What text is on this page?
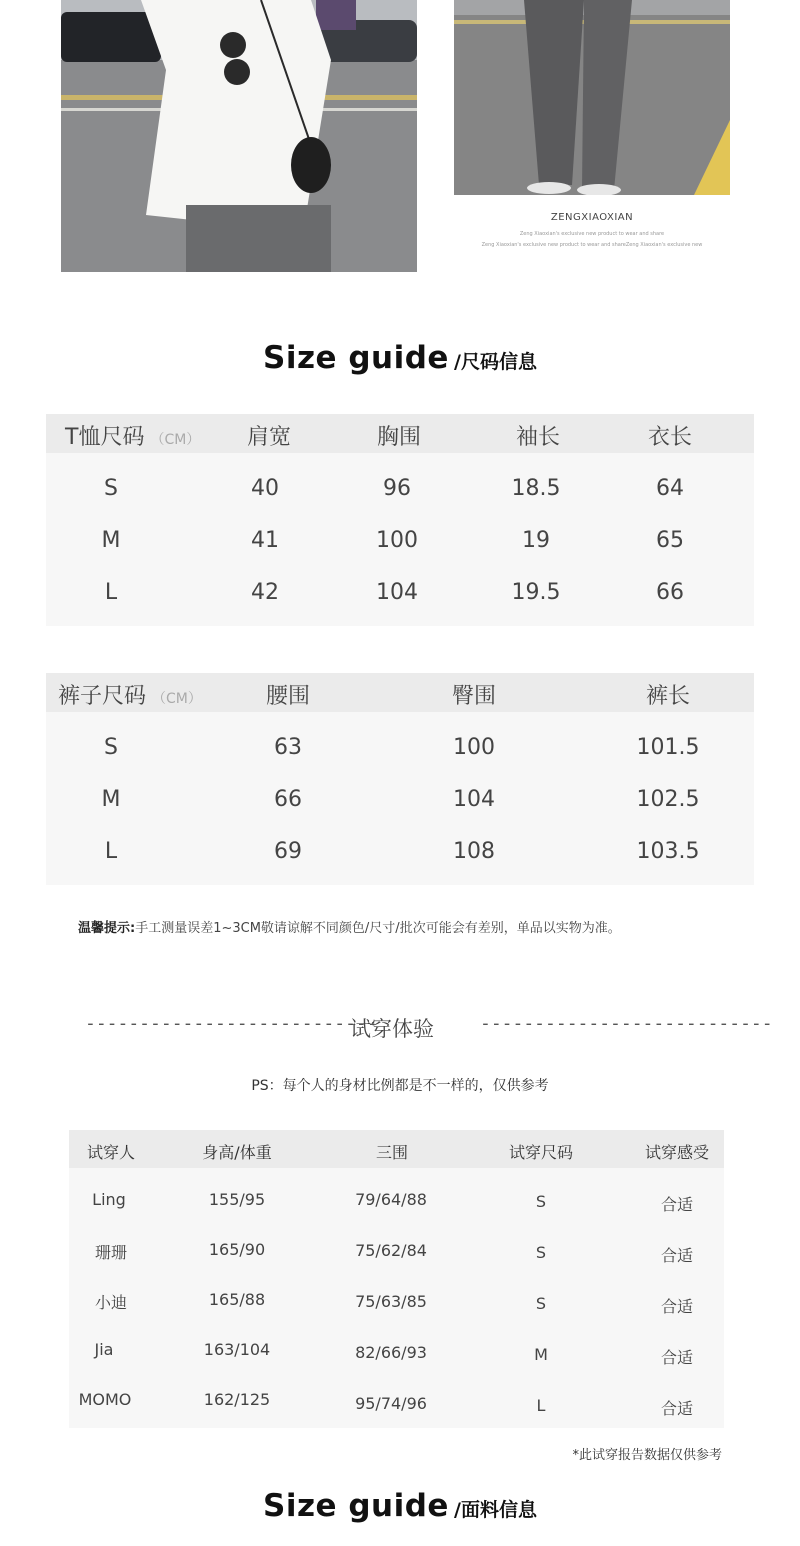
ZENGXIAOXIAN
Zeng Xiaoxian's exclusive new product to wear and share
Zeng Xiaoxian's exclusive new product to wear and shareZeng Xiaoxian's exclusive new
Size guide /尺码信息
T恤尺码 （CM） 肩宽	胸围	袖长	衣长
S	40	96	18.5	64
M	41	100	19	65
L	42	104	19.5	66
裤子尺码 （CM）	腰围	臀围	裤长
S	63	100	101.5
M	66	104	102.5
L	69	108	103.5
温馨提示:手工测量误差1~3CM敬请谅解不同颜色/尺寸/批次可能会有差别，单品以实物为准。
---------------------------
试穿体验	---------------------------
PS：每个人的身材比例都是不一样的，仅供参考
试穿人	身高/体重	三围	试穿尺码	试穿感受
Ling	155/95	79/64/88	S	合适
珊珊	165/90	75/62/84	S	合适
小迪	165/88	75/63/85	S	合适
Jia	163/104	82/66/93	M	合适
MOMO	162/125	95/74/96	L	合适
*此试穿报告数据仅供参考
Size guide /面料信息
